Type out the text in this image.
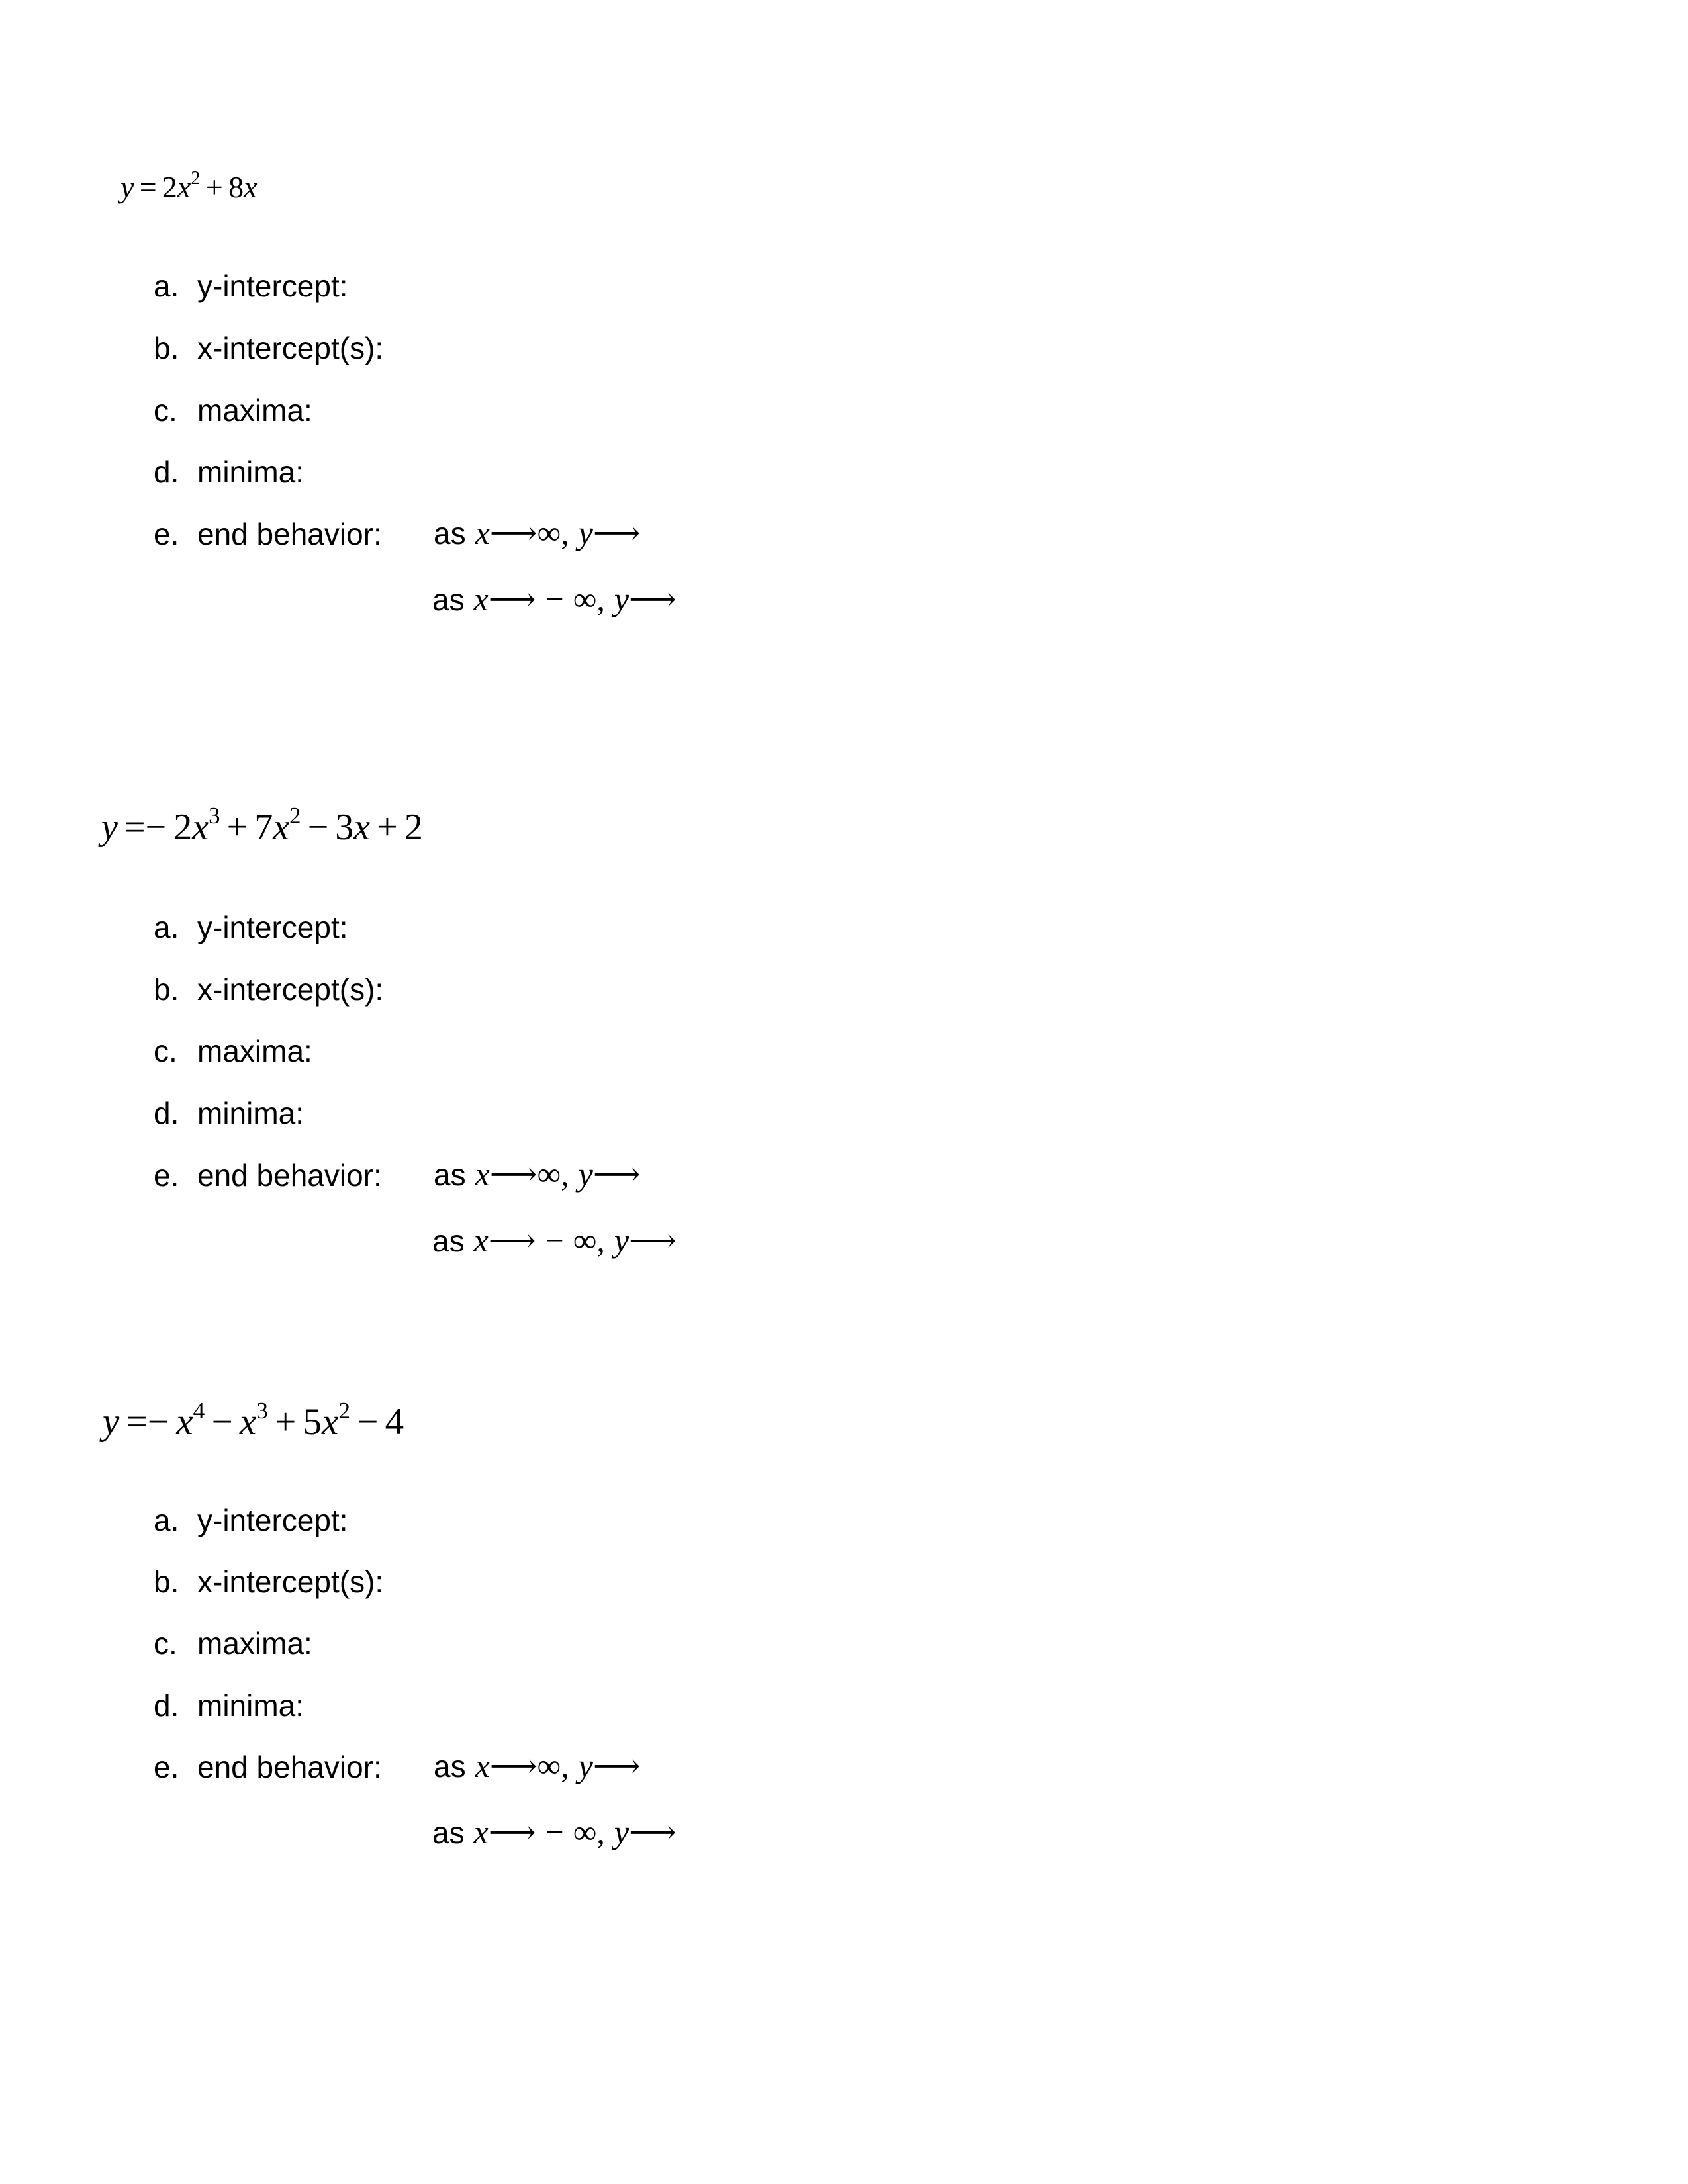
$y = 2x^2 + 8x$
a. y-intercept:
b. x-intercept(s):
c. maxima:
d. minima:
e. end behavior: as x⟶∞, y⟶
as x⟶ − ∞, y⟶
$y =- 2x^3 + 7x^2 - 3x + 2$
a. y-intercept:
b. x-intercept(s):
c. maxima:
d. minima:
e. end behavior: as x⟶∞, y⟶
as x⟶ − ∞, y⟶
$y =- x^4 - x^3 + 5x^2 - 4$
a. y-intercept:
b. x-intercept(s):
c. maxima:
d. minima:
e. end behavior: as x⟶∞, y⟶
as x⟶ − ∞, y⟶
